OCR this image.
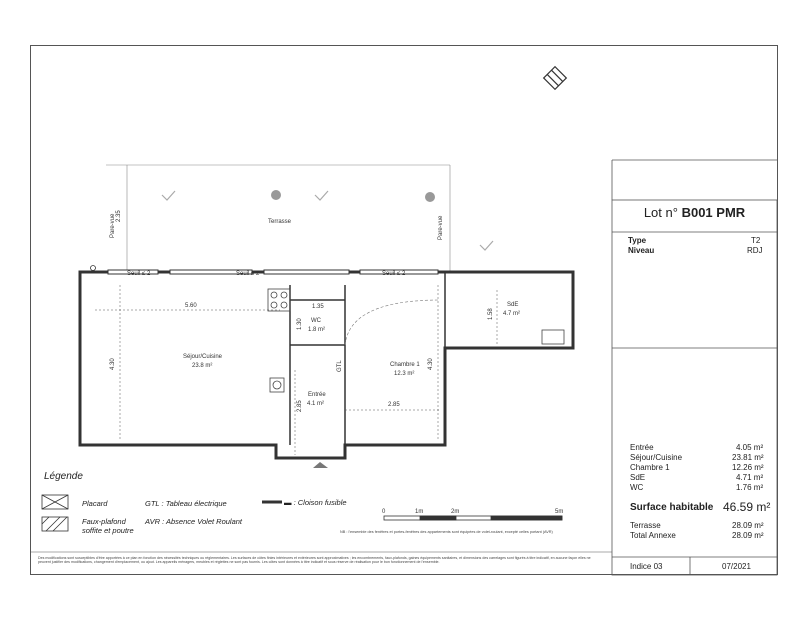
Terrasse
Pare-vue	Pare-vue
2.35
Seuil ≤ 2	Seuil ≤ 2	Seuil ≤ 2
5.60
4.30
1.35
1.30
2.85	2.85
4.30
1.58
GTL
Séjour/Cuisine
23.8 m²
WC
1.8 m²
Entrée
4.1 m²
Chambre 1
12.3 m²
SdE
4.7 m²
Légende
Placard
Faux-plafond
soffite et poutre
GTL : Tableau électrique
AVR : Absence Volet Roulant
▬ : Cloison fusible
0	1m	2m	5m
NB : l'ensemble des fenêtres et portes-fenêtres des appartements sont équipées de volet-roulant, excepté celles portant (AVR)
Des modifications sont susceptibles d'être apportées à ce plan en fonction des nécessités techniques ou réglementaires. Les surfaces de côtes finies intérieures et extérieures sont approximatives ; les encombrements, faux-plafonds, gaines équipements sanitaires, et dimensions des carrelages sont figurés à titre indicatif, en aucune façon elles ne peuvent justifier des modifications, changement d'emplacement, ou ajout. Les appareils ménagers, meubles et réglettes ne sont pas fournis. Les côtes sont données à titre indicatif et sous réserve de réalisation pour le bon fonctionnement de l'ensemble.
Lot n° B001 PMR
Type	T2
Niveau	RDJ
Entrée	4.05 m²
Séjour/Cuisine	23.81 m²
Chambre 1	12.26 m²
SdE	4.71 m²
WC	1.76 m²
Surface habitable 46.59 m²
Terrasse	28.09 m²
Total Annexe	28.09 m²
Indice 03	07/2021
